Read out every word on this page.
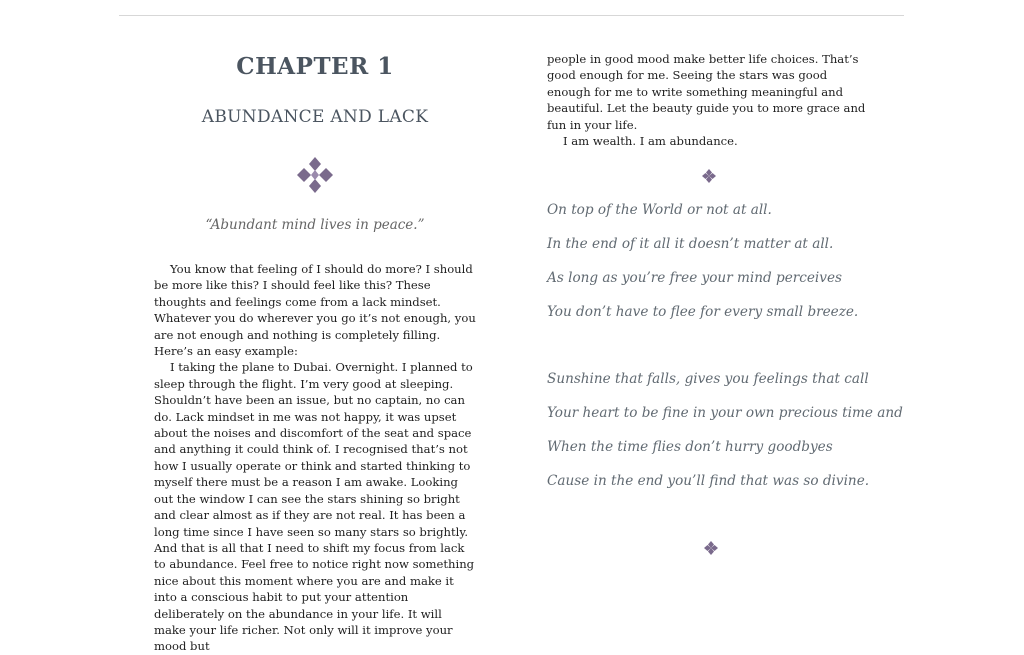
CHAPTER 1
ABUNDANCE AND LACK

“Abundant mind lives in peace.”

You know that feeling of I should do more? I should be more like this? I should feel like this? These thoughts and feelings come from a lack mindset. Whatever you do wherever you go it’s not enough, you are not enough and nothing is completely filling. Here’s an easy example:

I taking the plane to Dubai. Overnight. I planned to sleep through the flight. I’m very good at sleeping. Shouldn’t have been an issue, but no captain, no can do. Lack mindset in me was not happy, it was upset about the noises and discomfort of the seat and space and anything it could think of. I recognised that’s not how I usually operate or think and started thinking to myself there must be a reason I am awake. Looking out the window I can see the stars shining so bright and clear almost as if they are not real. It has been a long time since I have seen so many stars so brightly. And that is all that I need to shift my focus from lack to abundance. Feel free to notice right now something nice about this moment where you are and make it into a conscious habit to put your attention deliberately on the abundance in your life. It will make your life richer. Not only will it improve your mood but

people in good mood make better life choices. That’s good enough for me. Seeing the stars was good enough for me to write something meaningful and beautiful. Let the beauty guide you to more grace and fun in your life.

I am wealth. I am abundance.

On top of the World or not at all.
In the end of it all it doesn’t matter at all.
As long as you’re free your mind perceives
You don’t have to flee for every small breeze.
Sunshine that falls, gives you feelings that call
Your heart to be fine in your own precious time and
When the time flies don’t hurry goodbyes
Cause in the end you’ll find that was so divine.
